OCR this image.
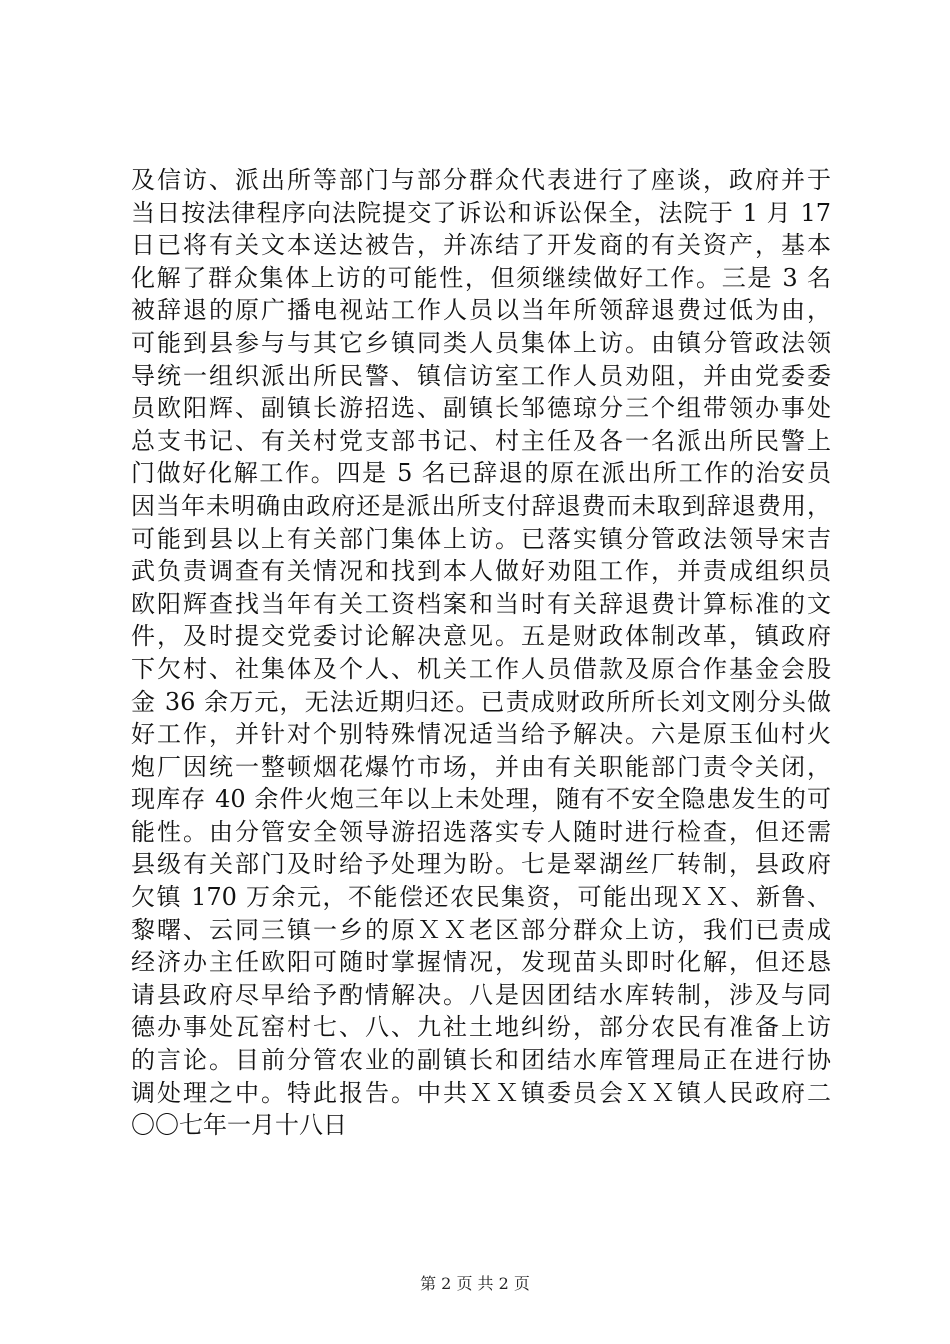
及信访、派出所等部门与部分群众代表进行了座谈，政府并于
当日按法律程序向法院提交了诉讼和诉讼保全，法院于 1 月 17
日已将有关文本送达被告，并冻结了开发商的有关资产，基本
化解了群众集体上访的可能性，但须继续做好工作。三是 3 名
被辞退的原广播电视站工作人员以当年所领辞退费过低为由，
可能到县参与与其它乡镇同类人员集体上访。由镇分管政法领
导统一组织派出所民警、镇信访室工作人员劝阻，并由党委委
员欧阳辉、副镇长游招选、副镇长邹德琼分三个组带领办事处
总支书记、有关村党支部书记、村主任及各一名派出所民警上
门做好化解工作。四是 5 名已辞退的原在派出所工作的治安员
因当年未明确由政府还是派出所支付辞退费而未取到辞退费用，
可能到县以上有关部门集体上访。已落实镇分管政法领导宋吉
武负责调查有关情况和找到本人做好劝阻工作，并责成组织员
欧阳辉查找当年有关工资档案和当时有关辞退费计算标准的文
件，及时提交党委讨论解决意见。五是财政体制改革，镇政府
下欠村、社集体及个人、机关工作人员借款及原合作基金会股
金 36 余万元，无法近期归还。已责成财政所所长刘文刚分头做
好工作，并针对个别特殊情况适当给予解决。六是原玉仙村火
炮厂因统一整顿烟花爆竹市场，并由有关职能部门责令关闭，
现库存 40 余件火炮三年以上未处理，随有不安全隐患发生的可
能性。由分管安全领导游招选落实专人随时进行检查，但还需
县级有关部门及时给予处理为盼。七是翠湖丝厂转制，县政府
欠镇 170 万余元，不能偿还农民集资，可能出现ＸＸ、新鲁、
黎曙、云同三镇一乡的原ＸＸ老区部分群众上访，我们已责成
经济办主任欧阳可随时掌握情况，发现苗头即时化解，但还恳
请县政府尽早给予酌情解决。八是因团结水库转制，涉及与同
德办事处瓦窑村七、八、九社土地纠纷，部分农民有准备上访
的言论。目前分管农业的副镇长和团结水库管理局正在进行协
调处理之中。特此报告。中共ＸＸ镇委员会ＸＸ镇人民政府二
〇〇七年一月十八日
第 2 页 共 2 页
